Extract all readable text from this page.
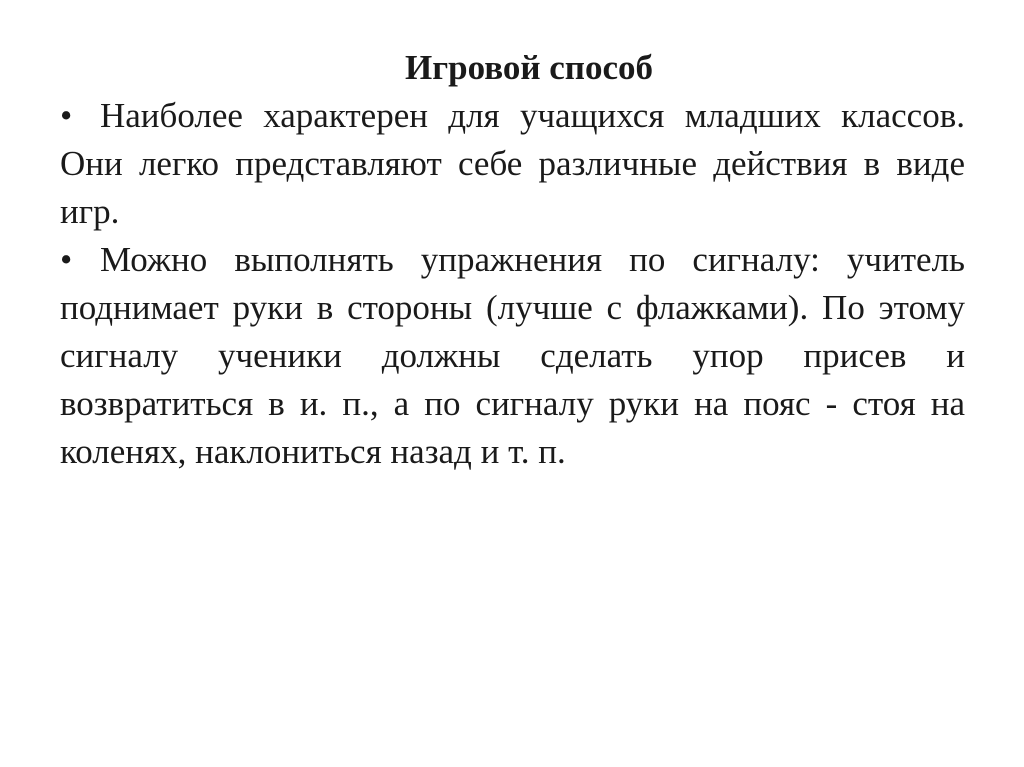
Игровой способ

• Наиболее характерен для учащихся младших классов. Они легко представляют себе различные действия в виде игр.

• Можно выполнять упражнения по сигналу: учитель поднимает руки в стороны (лучше с флажками). По этому сигналу ученики должны сделать упор присев и возвратиться в и. п., а по сигналу руки на пояс - стоя на коленях, наклониться назад и т. п.
